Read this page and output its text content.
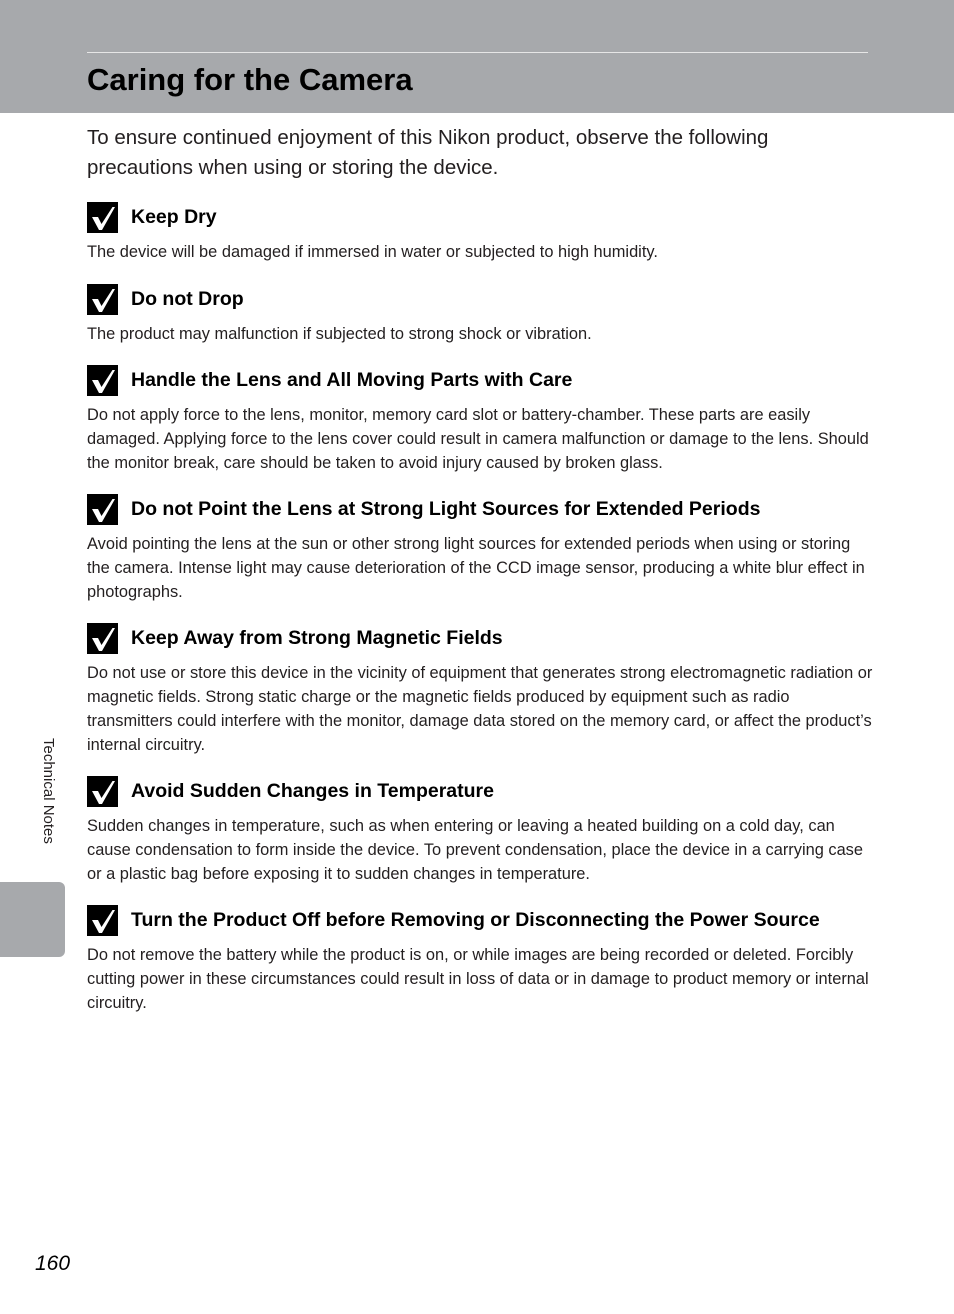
Caring for the Camera

To ensure continued enjoyment of this Nikon product, observe the following precautions when using or storing the device.

Keep Dry

The device will be damaged if immersed in water or subjected to high humidity.

Do not Drop

The product may malfunction if subjected to strong shock or vibration.

Handle the Lens and All Moving Parts with Care

Do not apply force to the lens, monitor, memory card slot or battery-chamber. These parts are easily damaged. Applying force to the lens cover could result in camera malfunction or damage to the lens. Should the monitor break, care should be taken to avoid injury caused by broken glass.

Do not Point the Lens at Strong Light Sources for Extended Periods

Avoid pointing the lens at the sun or other strong light sources for extended periods when using or storing the camera. Intense light may cause deterioration of the CCD image sensor, producing a white blur effect in photographs.

Keep Away from Strong Magnetic Fields

Do not use or store this device in the vicinity of equipment that generates strong electromagnetic radiation or magnetic fields. Strong static charge or the magnetic fields produced by equipment such as radio transmitters could interfere with the monitor, damage data stored on the memory card, or affect the product’s internal circuitry.

Avoid Sudden Changes in Temperature

Sudden changes in temperature, such as when entering or leaving a heated building on a cold day, can cause condensation to form inside the device. To prevent condensation, place the device in a carrying case or a plastic bag before exposing it to sudden changes in temperature.

Turn the Product Off before Removing or Disconnecting the Power Source

Do not remove the battery while the product is on, or while images are being recorded or deleted. Forcibly cutting power in these circumstances could result in loss of data or in damage to product memory or internal circuitry.

Technical Notes
160
